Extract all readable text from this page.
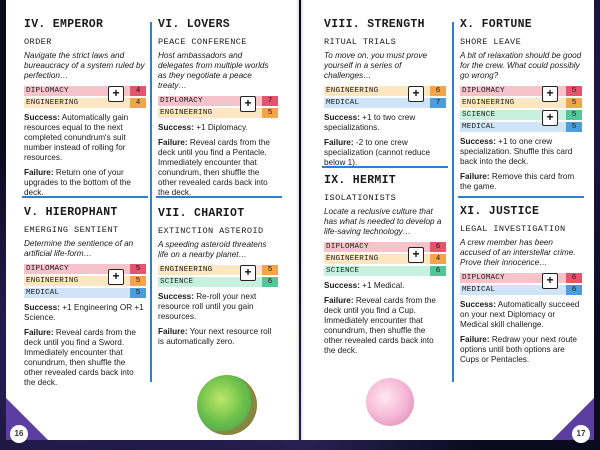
16	17
IV. EMPEROR
ORDER
Navigate the strict laws and bureaucracy of a system ruled by perfection…
DIPLOMACY	4
ENGINEERING	4
+
Success: Automatically gain resources equal to the next completed conundrum's suit number instead of rolling for resources.
Failure: Return one of your upgrades to the bottom of the deck.
V. HIEROPHANT
EMERGING SENTIENT
Determine the sentience of an artificial life-form…
DIPLOMACY	5
ENGINEERING	5
MEDICAL	5
+
Success: +1 Engineering OR +1 Science.
Failure: Reveal cards from the deck until you find a Sword. Immediately encounter that conundrum, then shuffle the other revealed cards back into the deck.
VI. LOVERS
PEACE CONFERENCE
Host ambassadors and delegates from multiple worlds as they negotiate a peace treaty…
DIPLOMACY	7
ENGINEERING	5
+
Success: +1 Diplomacy.
Failure: Reveal cards from the deck until you find a Pentacle. Immediately encounter that conundrum, then shuffle the other revealed cards back into the deck.
VII. CHARIOT
EXTINCTION ASTEROID
A speeding asteroid threatens life on a nearby planet…
ENGINEERING	5
SCIENCE	6
+
Success: Re-roll your next resource roll until you gain resources.
Failure: Your next resource roll is automatically zero.
VIII. STRENGTH
RITUAL TRIALS
To move on, you must prove yourself in a series of challenges…
ENGINEERING	6
MEDICAL	7
+
Success: +1 to two crew specializations.
Failure: -2 to one crew specialization (cannot reduce below 1).
IX. HERMIT
ISOLATIONISTS
Locate a reclusive culture that has what is needed to develop a life-saving technology…
DIPLOMACY	6
ENGINEERING	4
SCIENCE	6
+
Success: +1 Medical.
Failure: Reveal cards from the deck until you find a Cup. Immediately encounter that conundrum, then shuffle the other revealed cards back into the deck.
X. FORTUNE
SHORE LEAVE
A bit of relaxation should be good for the crew. What could possibly go wrong?
DIPLOMACY	5
ENGINEERING	5
SCIENCE	5
MEDICAL	5
+
+
Success: +1 to one crew specialization. Shuffle this card back into the deck.
Failure: Remove this card from the game.
XI. JUSTICE
LEGAL INVESTIGATION
A crew member has been accused of an interstellar crime. Prove their innocence…
DIPLOMACY	6
MEDICAL	6
+
Success: Automatically succeed on your next Diplomacy or Medical skill challenge.
Failure: Redraw your next route options until both options are Cups or Pentacles.
